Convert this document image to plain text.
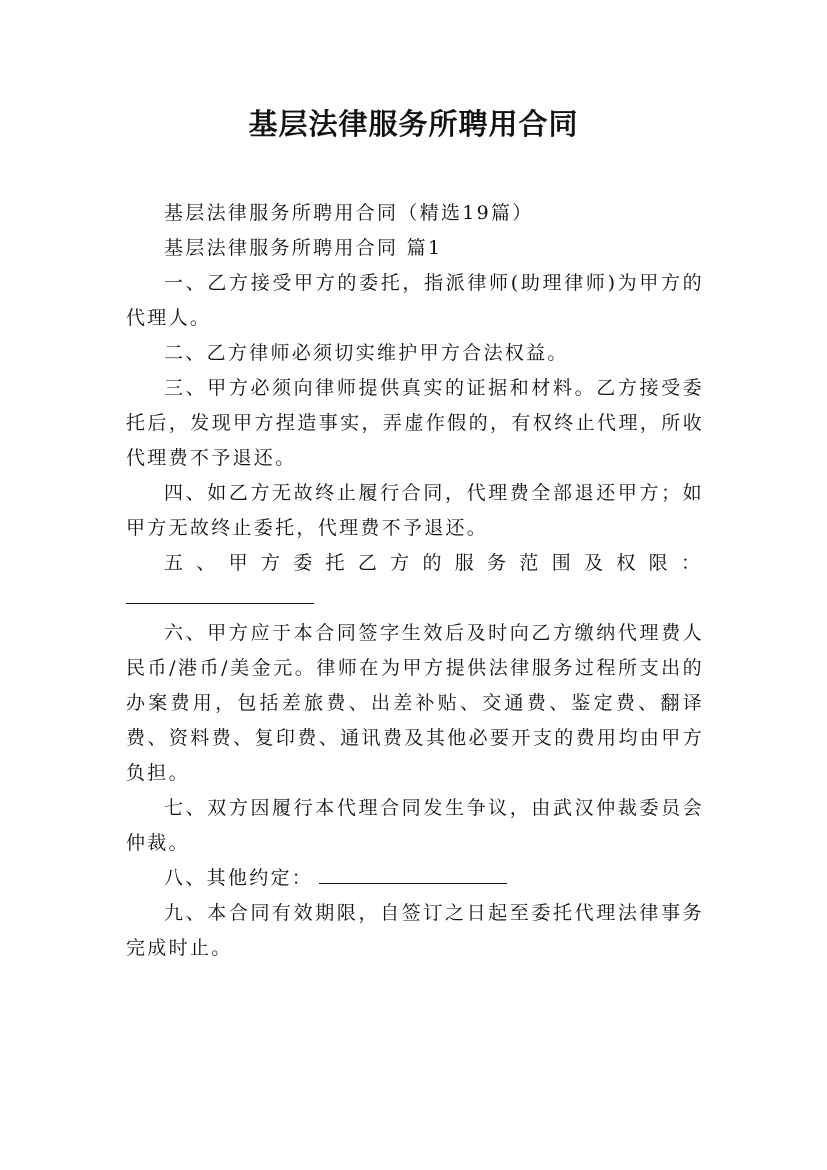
基层法律服务所聘用合同

基层法律服务所聘用合同（精选19篇）

基层法律服务所聘用合同 篇1

一、乙方接受甲方的委托，指派律师(助理律师)为甲方的代理人。

二、乙方律师必须切实维护甲方合法权益。

三、甲方必须向律师提供真实的证据和材料。乙方接受委托后，发现甲方捏造事实，弄虚作假的，有权终止代理，所收代理费不予退还。

四、如乙方无故终止履行合同，代理费全部退还甲方；如甲方无故终止委托，代理费不予退还。

五、甲方委托乙方的服务范围及权限：

六、甲方应于本合同签字生效后及时向乙方缴纳代理费人民币/港币/美金元。律师在为甲方提供法律服务过程所支出的办案费用，包括差旅费、出差补贴、交通费、鉴定费、翻译费、资料费、复印费、通讯费及其他必要开支的费用均由甲方负担。

七、双方因履行本代理合同发生争议，由武汉仲裁委员会仲裁。

八、其他约定：

九、本合同有效期限，自签订之日起至委托代理法律事务完成时止。
